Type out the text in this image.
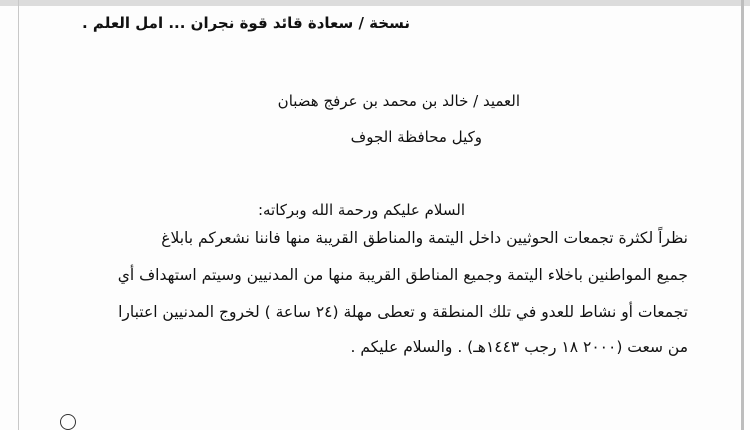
نسخة / سعادة قائد قوة نجران ... امل العلم .
العميد / خالد بن محمد بن عرفج هضبان
وكيل محافظة الجوف
السلام عليكم ورحمة الله وبركاته:
نظراً لكثرة تجمعات الحوثيين داخل اليتمة والمناطق القريبة منها فاننا نشعركم بابلاغ
جميع المواطنين باخلاء اليتمة وجميع المناطق القريبة منها من المدنيين وسيتم استهداف أي
تجمعات أو نشاط للعدو في تلك المنطقة و تعطى مهلة (٢٤ ساعة ) لخروج المدنيين اعتبارا
من سعت (٢٠٠٠ ١٨ رجب ١٤٤٣هـ) . والسلام عليكم .
